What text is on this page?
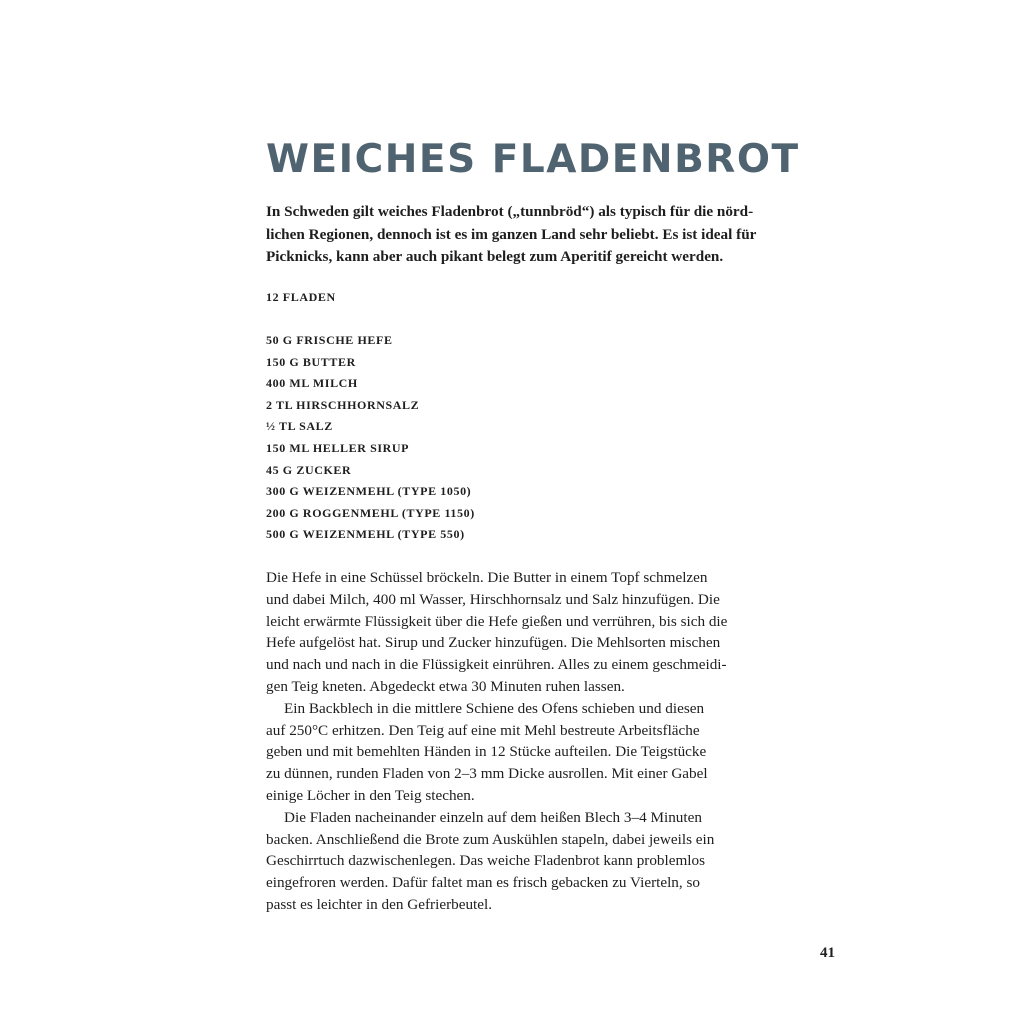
WEICHES FLADENBROT
In Schweden gilt weiches Fladenbrot („tunnbröd“) als typisch für die nörd-
lichen Regionen, dennoch ist es im ganzen Land sehr beliebt. Es ist ideal für
Picknicks, kann aber auch pikant belegt zum Aperitif gereicht werden.
12 FLADEN
50 G FRISCHE HEFE
150 G BUTTER
400 ML MILCH
2 TL HIRSCHHORNSALZ
½ TL SALZ
150 ML HELLER SIRUP
45 G ZUCKER
300 G WEIZENMEHL (TYPE 1050)
200 G ROGGENMEHL (TYPE 1150)
500 G WEIZENMEHL (TYPE 550)

Die Hefe in eine Schüssel bröckeln. Die Butter in einem Topf schmelzen
und dabei Milch, 400 ml Wasser, Hirschhornsalz und Salz hinzufügen. Die
leicht erwärmte Flüssigkeit über die Hefe gießen und verrühren, bis sich die
Hefe aufgelöst hat. Sirup und Zucker hinzufügen. Die Mehlsorten mischen
und nach und nach in die Flüssigkeit einrühren. Alles zu einem geschmeidi-
gen Teig kneten. Abgedeckt etwa 30 Minuten ruhen lassen.

Ein Backblech in die mittlere Schiene des Ofens schieben und diesen
auf 250°C erhitzen. Den Teig auf eine mit Mehl bestreute Arbeitsfläche
geben und mit bemehlten Händen in 12 Stücke aufteilen. Die Teigstücke
zu dünnen, runden Fladen von 2–3 mm Dicke ausrollen. Mit einer Gabel
einige Löcher in den Teig stechen.

Die Fladen nacheinander einzeln auf dem heißen Blech 3–4 Minuten
backen. Anschließend die Brote zum Auskühlen stapeln, dabei jeweils ein
Geschirrtuch dazwischenlegen. Das weiche Fladenbrot kann problemlos
eingefroren werden. Dafür faltet man es frisch gebacken zu Vierteln, so
passt es leichter in den Gefrierbeutel.

41
